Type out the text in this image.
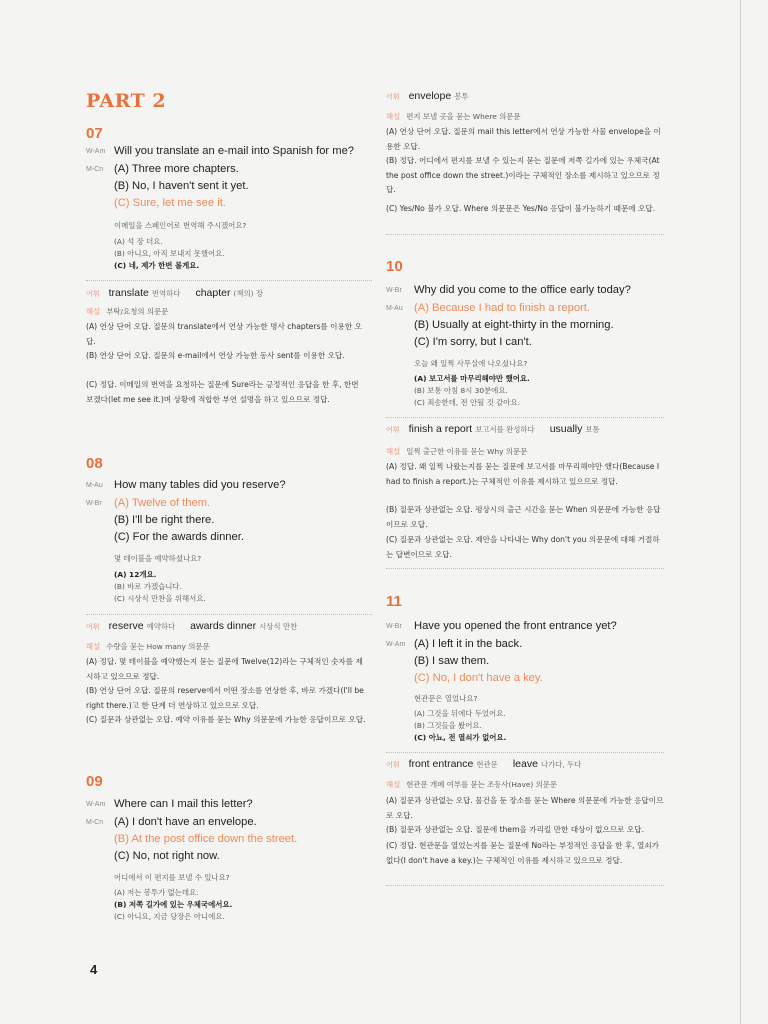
PART 2
07
W-Am Will you translate an e-mail into Spanish for me?
M-Cn (A) Three more chapters.
(B) No, I haven't sent it yet.
(C) Sure, let me see it.
이메일을 스페인어로 번역해 주시겠어요?
(A) 석 장 더요.
(B) 아니요, 아직 보내지 못했어요.
(C) 네, 제가 한번 볼게요.
어휘 translate 번역하다 chapter (책의) 장
해설 부탁/요청의 의문문
(A) 연상 단어 오답. 질문의 translate에서 연상 가능한 명사 chapters를 이용한 오답.
(B) 연상 단어 오답. 질문의 e-mail에서 연상 가능한 동사 sent를 이용한 오답.
(C) 정답. 이메일의 번역을 요청하는 질문에 Sure라는 긍정적인 응답을 한 후, 한번 보겠다(let me see it.)며 상황에 적합한 부연 설명을 하고 있으므로 정답.
08
M-Au	How many tables did you reserve?
W-Br	(A) Twelve of them.
(B) I'll be right there.
(C) For the awards dinner.
몇 테이블을 예약하셨나요?
(A) 12개요.
(B) 바로 가겠습니다.
(C) 시상식 만찬을 위해서요.
어휘 reserve 예약하다 awards dinner 시상식 만찬
해설 수량을 묻는 How many 의문문
(A) 정답. 몇 테이블을 예약했는지 묻는 질문에 Twelve(12)라는 구체적인 숫자를 제시하고 있으므로 정답.
(B) 연상 단어 오답. 질문의 reserve에서 어떤 장소를 연상한 후, 바로 가겠다(I'll be right there.)고 한 단계 더 연상하고 있으므로 오답.
(C) 질문과 상관없는 오답. 예약 이유를 묻는 Why 의문문에 가능한 응답이므로 오답.
09
W-Am Where can I mail this letter?
M-Cn (A) I don't have an envelope.
(B) At the post office down the street.
(C) No, not right now.
어디에서 이 편지를 보낼 수 있나요?
(A) 저는 봉투가 없는데요.
(B) 저쪽 길가에 있는 우체국에서요.
(C) 아니요, 지금 당장은 아니에요.
4
어휘 envelope 봉투
해설 편지 보낼 곳을 묻는 Where 의문문
(A) 연상 단어 오답. 질문의 mail this letter에서 연상 가능한 사물 envelope을 이용한 오답.
(B) 정답. 어디에서 편지를 보낼 수 있는지 묻는 질문에 저쪽 길가에 있는 우체국(At the post office down the street.)이라는 구체적인 장소를 제시하고 있으므로 정답.
(C) Yes/No 불가 오답. Where 의문문은 Yes/No 응답이 불가능하기 때문에 오답.
10
W-Br	Why did you come to the office early today?
M-Au	(A) Because I had to finish a report.
(B) Usually at eight-thirty in the morning.
(C) I'm sorry, but I can't.
오늘 왜 일찍 사무실에 나오셨나요?
(A) 보고서를 마무리해야만 했어요.
(B) 보통 아침 8시 30분에요.
(C) 죄송한데, 전 안될 것 같아요.
어휘 finish a report 보고서를 완성하다 usually 보통
해설 일찍 출근한 이유를 묻는 Why 의문문
(A) 정답. 왜 일찍 나왔는지를 묻는 질문에 보고서를 마무리해야만 했다(Because I had to finish a report.)는 구체적인 이유를 제시하고 있으므로 정답.
(B) 질문과 상관없는 오답. 평상시의 출근 시간을 묻는 When 의문문에 가능한 응답이므로 오답.
(C) 질문과 상관없는 오답. 제안을 나타내는 Why don't you 의문문에 대해 거절하는 답변이므로 오답.
11
W-Br	Have you opened the front entrance yet?
W-Am (A) I left it in the back.
(B) I saw them.
(C) No, I don't have a key.
현관문은 열었나요?
(A) 그것을 뒤에다 두었어요.
(B) 그것들을 봤어요.
(C) 아뇨, 전 열쇠가 없어요.
어휘 front entrance 현관문 leave 나가다, 두다
해설 현관문 개폐 여부를 묻는 조동사(Have) 의문문
(A) 질문과 상관없는 오답. 물건을 둔 장소를 묻는 Where 의문문에 가능한 응답이므로 오답.
(B) 질문과 상관없는 오답. 질문에 them을 가리킬 만한 대상이 없으므로 오답.
(C) 정답. 현관문을 열었는지를 묻는 질문에 No라는 부정적인 응답을 한 후, 열쇠가 없다(I don't have a key.)는 구체적인 이유를 제시하고 있으므로 정답.
